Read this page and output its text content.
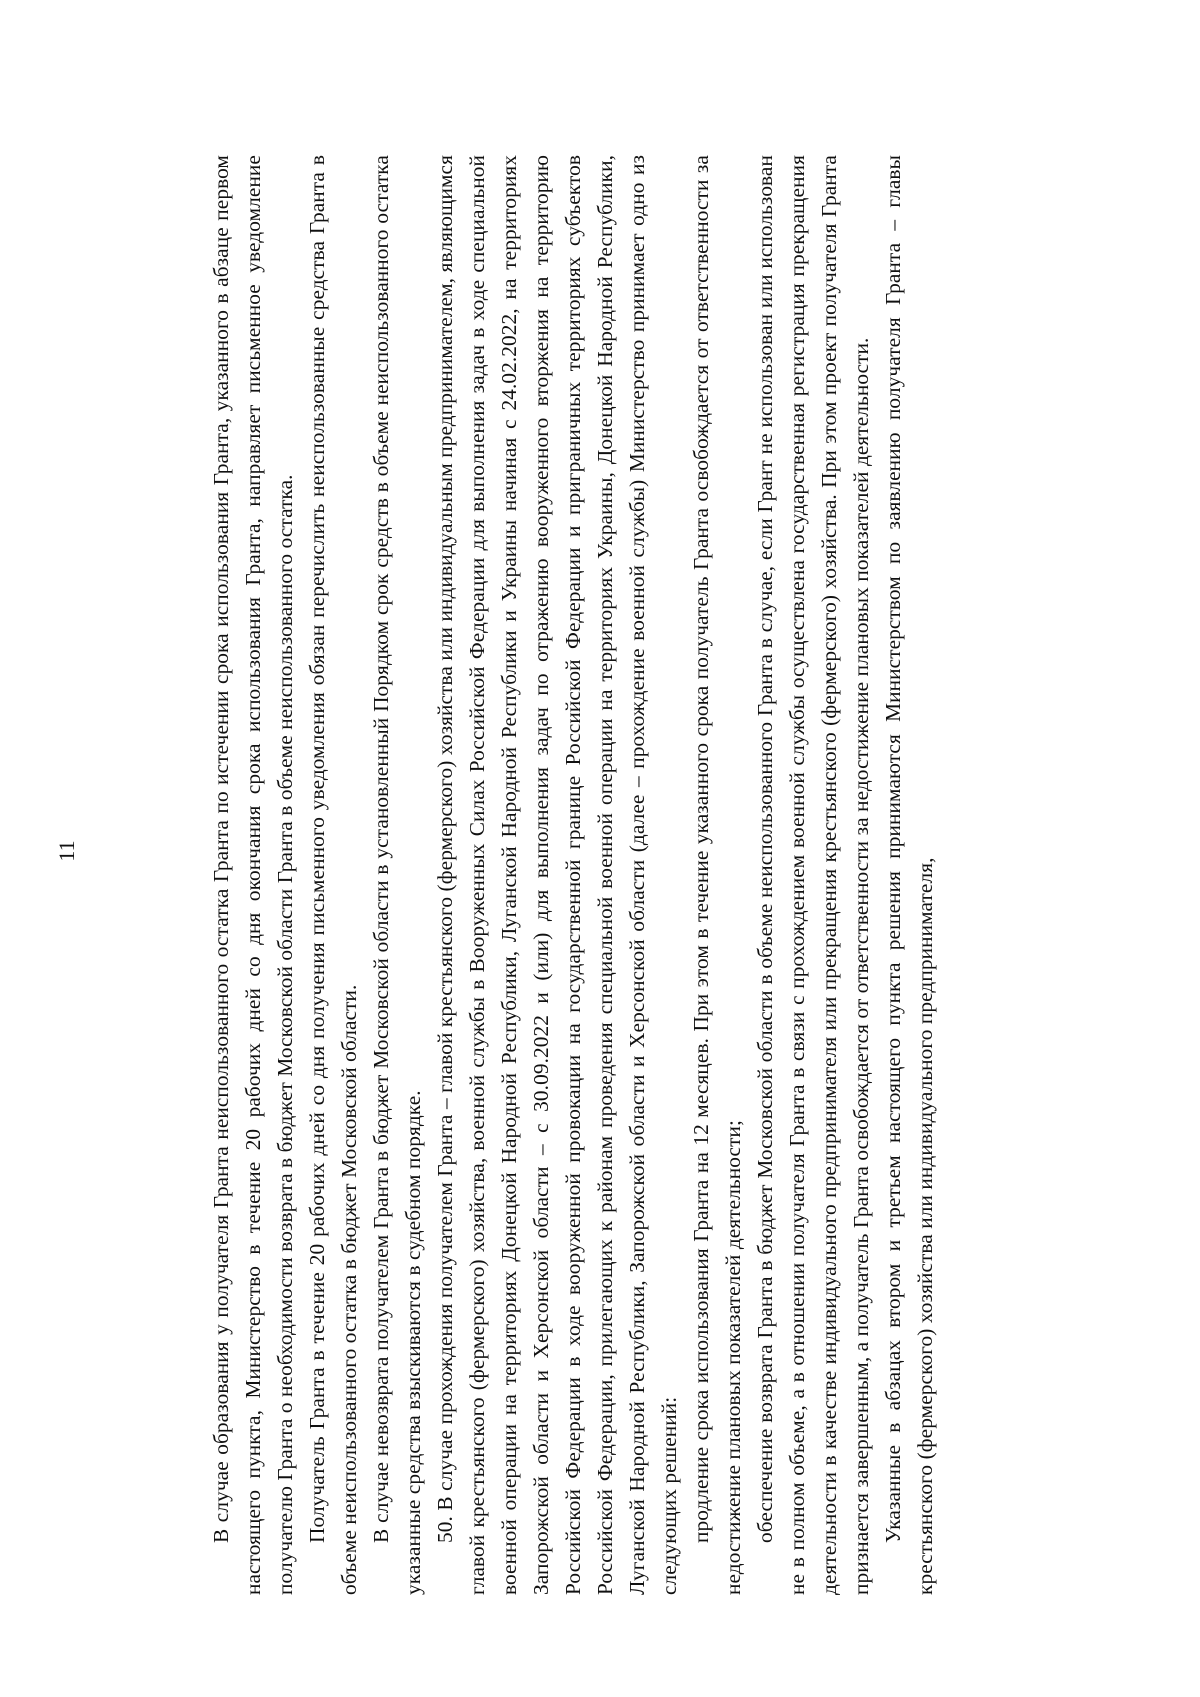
11	В случае образования у получателя Гранта неиспользованного остатка Гранта по истечении срока использования Гранта, указанного в абзаце первом настоящего пункта, Министерство в течение 20 рабочих дней со дня окончания срока использования Гранта, направляет письменное уведомление получателю Гранта о необходимости возврата в бюджет Московской области Гранта в объеме неиспользованного остатка. Получатель Гранта в течение 20 рабочих дней со дня получения письменного уведомления обязан перечислить неиспользованные средства Гранта в объеме неиспользованного остатка в бюджет Московской области. В случае невозврата получателем Гранта в бюджет Московской области в установленный Порядком срок средств в объеме неиспользованного остатка указанные средства взыскиваются в судебном порядке. 50. В случае прохождения получателем Гранта – главой крестьянского (фермерского) хозяйства или индивидуальным предпринимателем, являющимся главой крестьянского (фермерского) хозяйства, военной службы в Вооруженных Силах Российской Федерации для выполнения задач в ходе специальной военной операции на территориях Донецкой Народной Республики, Луганской Народной Республики и Украины начиная с 24.02.2022, на территориях Запорожской области и Херсонской области – с 30.09.2022 и (или) для выполнения задач по отражению вооруженного вторжения на территорию Российской Федерации в ходе вооруженной провокации на государственной границе Российской Федерации и приграничных территориях субъектов Российской Федерации, прилегающих к районам проведения специальной военной операции на территориях Украины, Донецкой Народной Республики, Луганской Народной Республики, Запорожской области и Херсонской области (далее – прохождение военной службы) Министерство принимает одно из следующих решений: продление срока использования Гранта на 12 месяцев. При этом в течение указанного срока получатель Гранта освобождается от ответственности за недостижение плановых показателей деятельности; обеспечение возврата Гранта в бюджет Московской области в объеме неиспользованного Гранта в случае, если Грант не использован или использован не в полном объеме, а в отношении получателя Гранта в связи с прохождением военной службы осуществлена государственная регистрация прекращения деятельности в качестве индивидуального предпринимателя или прекращения крестьянского (фермерского) хозяйства. При этом проект получателя Гранта признается завершенным, а получатель Гранта освобождается от ответственности за недостижение плановых показателей деятельности. Указанные в абзацах втором и третьем настоящего пункта решения принимаются Министерством по заявлению получателя Гранта – главы крестьянского (фермерского) хозяйства или индивидуального предпринимателя,
